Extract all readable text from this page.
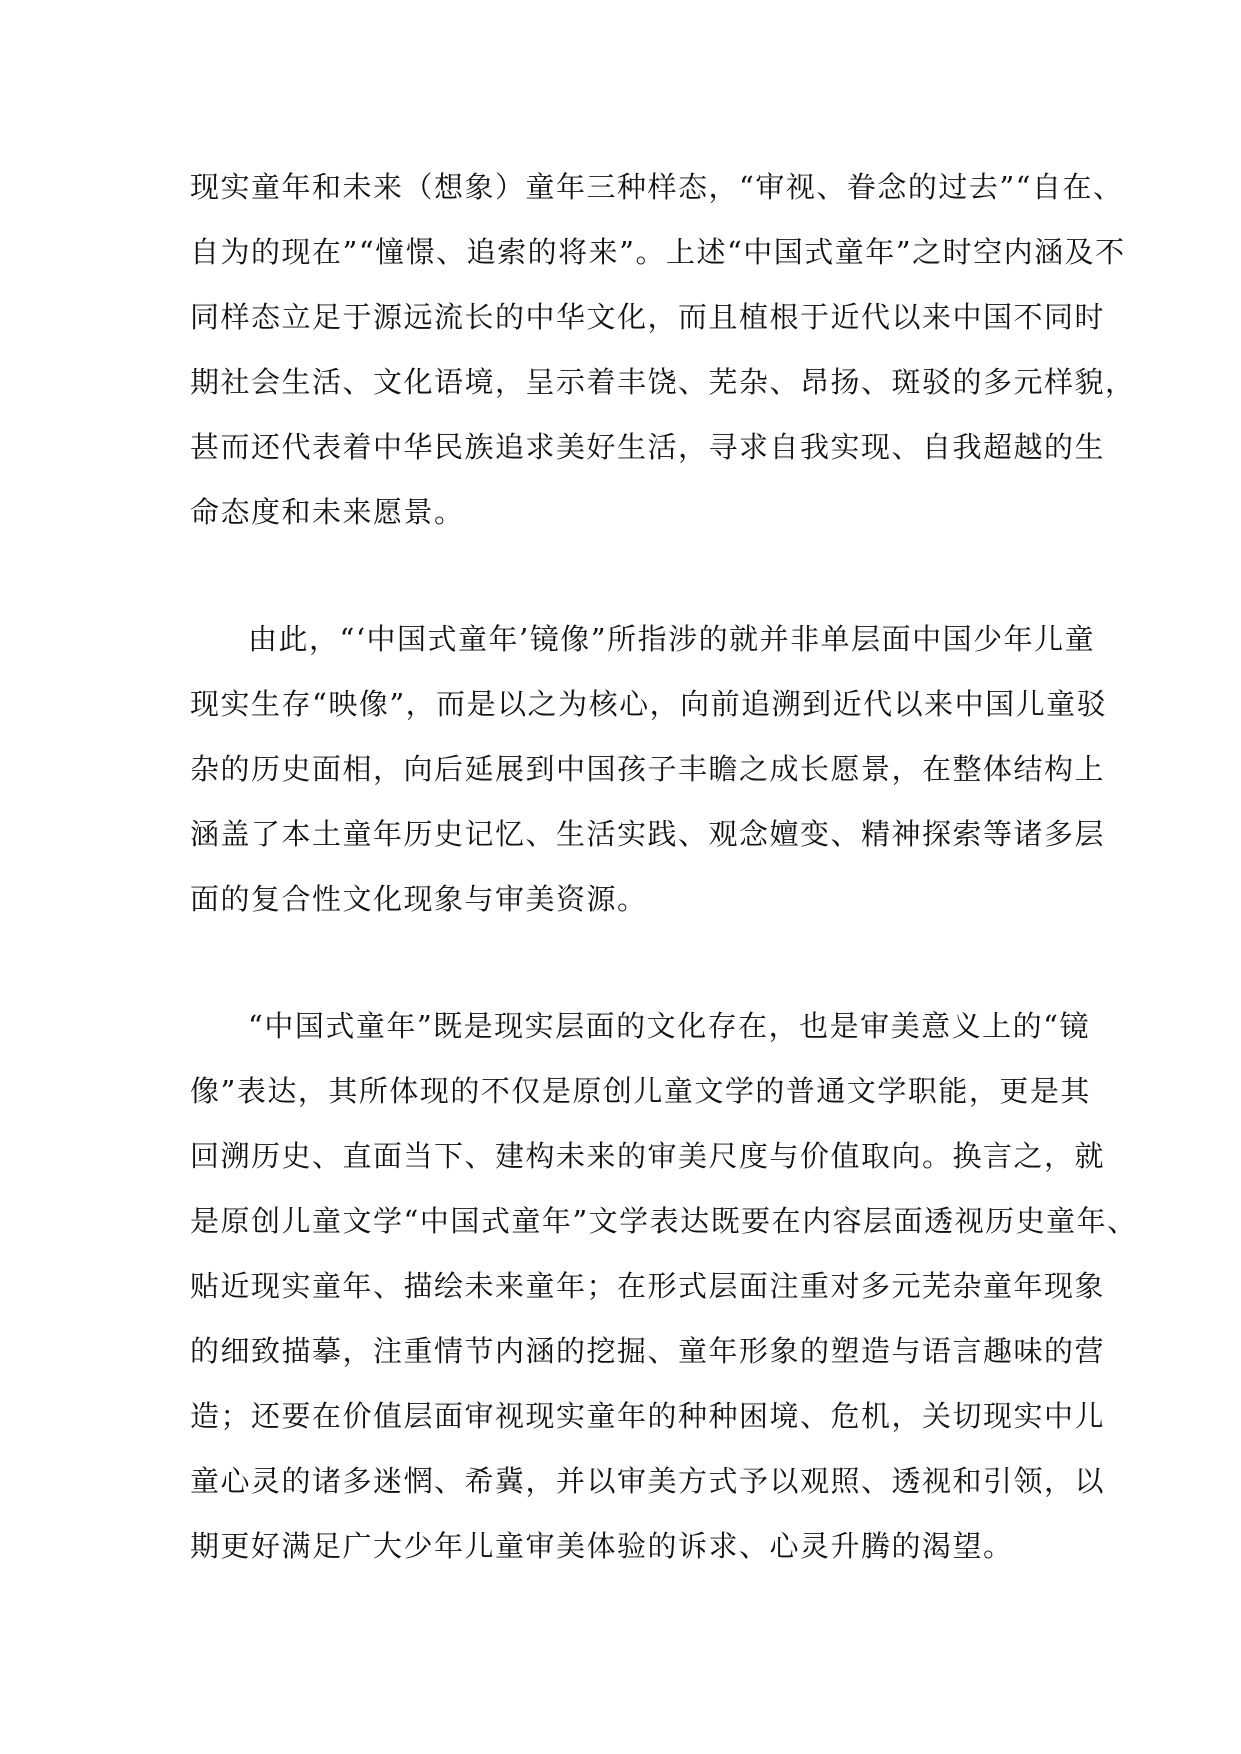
现实童年和未来（想象）童年三种样态，“审视、眷念的过去”“自在、
自为的现在”“憧憬、追索的将来”。上述“中国式童年”之时空内涵及不
同样态立足于源远流长的中华文化，而且植根于近代以来中国不同时
期社会生活、文化语境，呈示着丰饶、芜杂、昂扬、斑驳的多元样貌，
甚而还代表着中华民族追求美好生活，寻求自我实现、自我超越的生
命态度和未来愿景。
由此，“‘中国式童年’镜像”所指涉的就并非单层面中国少年儿童
现实生存“映像”，而是以之为核心，向前追溯到近代以来中国儿童驳
杂的历史面相，向后延展到中国孩子丰瞻之成长愿景，在整体结构上
涵盖了本土童年历史记忆、生活实践、观念嬗变、精神探索等诸多层
面的复合性文化现象与审美资源。
“中国式童年”既是现实层面的文化存在，也是审美意义上的“镜
像”表达，其所体现的不仅是原创儿童文学的普通文学职能，更是其
回溯历史、直面当下、建构未来的审美尺度与价值取向。换言之，就
是原创儿童文学“中国式童年”文学表达既要在内容层面透视历史童年、
贴近现实童年、描绘未来童年；在形式层面注重对多元芜杂童年现象
的细致描摹，注重情节内涵的挖掘、童年形象的塑造与语言趣味的营
造；还要在价值层面审视现实童年的种种困境、危机，关切现实中儿
童心灵的诸多迷惘、希冀，并以审美方式予以观照、透视和引领，以
期更好满足广大少年儿童审美体验的诉求、心灵升腾的渴望。
